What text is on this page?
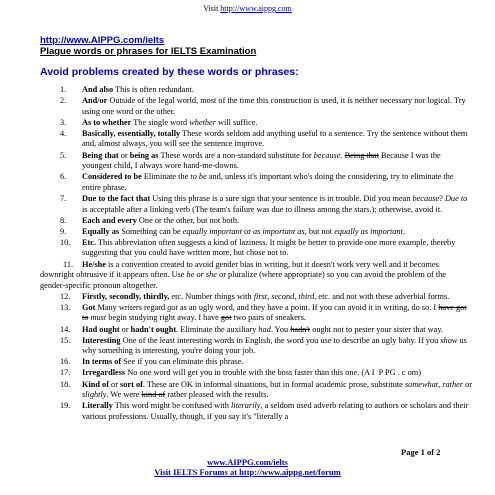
Visit http://www.aippg.com
http://www.AIPPG.com/ielts
Plague words or phrases for IELTS Examination
Avoid problems created by these words or phrases:
1. And also This is often redundant.
2. And/or Outside of the legal world, most of the time this construction is used, it is neither necessary nor logical. Try using one word or the other.
3. As to whether The single word whether will suffice.
4. Basically, essentially, totally These words seldom add anything useful to a sentence. Try the sentence without them and, almost always, you will see the sentence improve.
5. Being that or being as These words are a non-standard substitute for because. Being that Because I was the youngest child, I always wore hand-me-downs.
6. Considered to be Eliminate the to be and, unless it's important who's doing the considering, try to eliminate the entire phrase.
7. Due to the fact that Using this phrase is a sure sign that your sentence is in trouble. Did you mean because? Due to is acceptable after a linking verb (The team's failure was due to illness among the stars.); otherwise, avoid it.
8. Each and every One or the other, but not both.
9. Equally as Something can be equally important or as important as, but not equally as important.
10. Etc. This abbreviation often suggests a kind of laziness. It might be better to provide one more example, thereby suggesting that you could have written more, but chose not to.
11. He/she is a convention created to avoid gender bias in writing, but it doesn't work very well and it becomes downright obtrusive if it appears often. Use he or she or pluralize (where appropriate) so you can avoid the problem of the gender-specific pronoun altogether.
12. Firstly, secondly, thirdly, etc. Number things with first, second, third, etc. and not with these adverbial forms.
13. Got Many writers regard got as an ugly word, and they have a point. If you can avoid it in writing, do so. I have got to must begin studying right away. I have got two pairs of sneakers.
14. Had ought or hadn't ought. Eliminate the auxiliary had. You hadn't ought not to pester your sister that way.
15. Interesting One of the least interesting words in English, the word you use to describe an ugly baby. If you show us why something is interesting, you're doing your job.
16. In terms of See if you can eliminate this phrase.
17. Irregardless No one word will get you in trouble with the boss faster than this one. (A I  P PG . c om)
18. Kind of or sort of. These are OK in informal situations, but in formal academic prose, substitute somewhat, rather or slightly. We were kind of rather pleased with the results.
19. Literally This word might be confused with literarily, a seldom used adverb relating to authors or scholars and their various professions. Usually, though, if you say it's "literally a
Page 1 of 2
www.AIPPG.com/ielts
Visit IELTS Forums at http://www.aippg.net/forum
